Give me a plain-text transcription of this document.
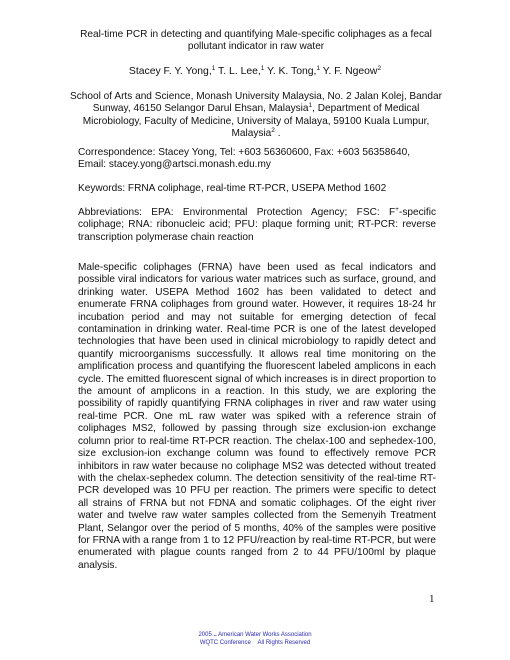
Real-time PCR in detecting and quantifying Male-specific coliphages as a fecal pollutant indicator in raw water

Stacey F. Y. Yong,$^1$ T. L. Lee,$^1$ Y. K. Tong,$^1$ Y. F. Ngeow$^2$

School of Arts and Science, Monash University Malaysia, No. 2 Jalan Kolej, Bandar Sunway, 46150 Selangor Darul Ehsan, Malaysia$^1$, Department of Medical Microbiology, Faculty of Medicine, University of Malaya, 59100 Kuala Lumpur, Malaysia$^2$ .

Correspondence: Stacey Yong, Tel: +603 56360600, Fax: +603 56358640,
Email: stacey.yong@artsci.monash.edu.my

Keywords: FRNA coliphage, real-time RT-PCR, USEPA Method 1602

Abbreviations: EPA: Environmental Protection Agency; FSC: F+-specific coliphage; RNA: ribonucleic acid; PFU: plaque forming unit; RT-PCR: reverse transcription polymerase chain reaction

Male-specific coliphages (FRNA) have been used as fecal indicators and possible viral indicators for various water matrices such as surface, ground, and drinking water. USEPA Method 1602 has been validated to detect and enumerate FRNA coliphages from ground water. However, it requires 18-24 hr incubation period and may not suitable for emerging detection of fecal contamination in drinking water. Real-time PCR is one of the latest developed technologies that have been used in clinical microbiology to rapidly detect and quantify microorganisms successfully. It allows real time monitoring on the amplification process and quantifying the fluorescent labeled amplicons in each cycle. The emitted fluorescent signal of which increases is in direct proportion to the amount of amplicons in a reaction. In this study, we are exploring the possibility of rapidly quantifying FRNA coliphages in river and raw water using real-time PCR. One mL raw water was spiked with a reference strain of coliphages MS2, followed by passing through size exclusion-ion exchange column prior to real-time RT-PCR reaction. The chelax-100 and sephedex-100, size exclusion-ion exchange column was found to effectively remove PCR inhibitors in raw water because no coliphage MS2 was detected without treated with the chelax-sephedex column. The detection sensitivity of the real-time RT-PCR developed was 10 PFU per reaction. The primers were specific to detect all strains of FRNA but not FDNA and somatic coliphages. Of the eight river water and twelve raw water samples collected from the Semenyih Treatment Plant, Selangor over the period of 5 months, 40% of the samples were positive for FRNA with a range from 1 to 12 PFU/reaction by real-time RT-PCR, but were enumerated with plague counts ranged from 2 to 44 PFU/100ml by plaque analysis.

1
2005 .. American Water Works Association
WQTC Conference All Rights Reserved
